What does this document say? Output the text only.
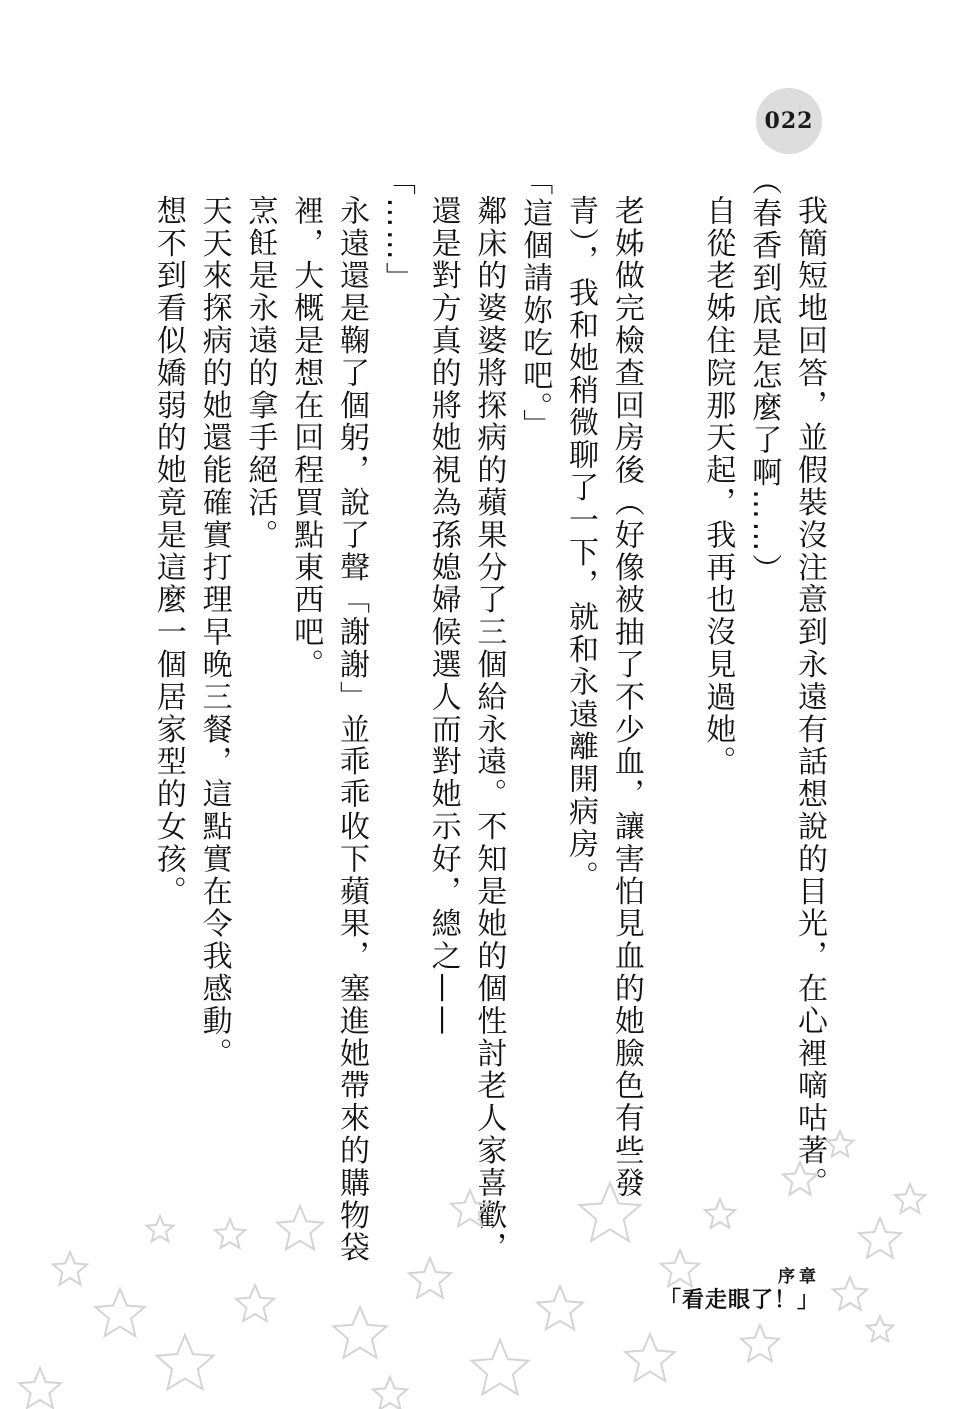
022

我簡短地回答，並假裝沒注意到永遠有話想說的目光，在心裡嘀咕著。

（春香到底是怎麼了啊……）

自從老姊住院那天起，我再也沒見過她。

老姊做完檢查回房後（好像被抽了不少血，讓害怕見血的她臉色有些發青），我和她稍微聊了一下，就和永遠離開病房。

「這個請妳吃吧。」

鄰床的婆婆將探病的蘋果分了三個給永遠。不知是她的個性討老人家喜歡，還是對方真的將她視為孫媳婦候選人而對她示好，總之——

「……」

永遠還是鞠了個躬，說了聲「謝謝」並乖乖收下蘋果，塞進她帶來的購物袋裡，大概是想在回程買點東西吧。

烹飪是永遠的拿手絕活。

天天來探病的她還能確實打理早晚三餐，這點實在令我感動。

想不到看似嬌弱的她竟是這麼一個居家型的女孩。

序章
「看走眼了！」
